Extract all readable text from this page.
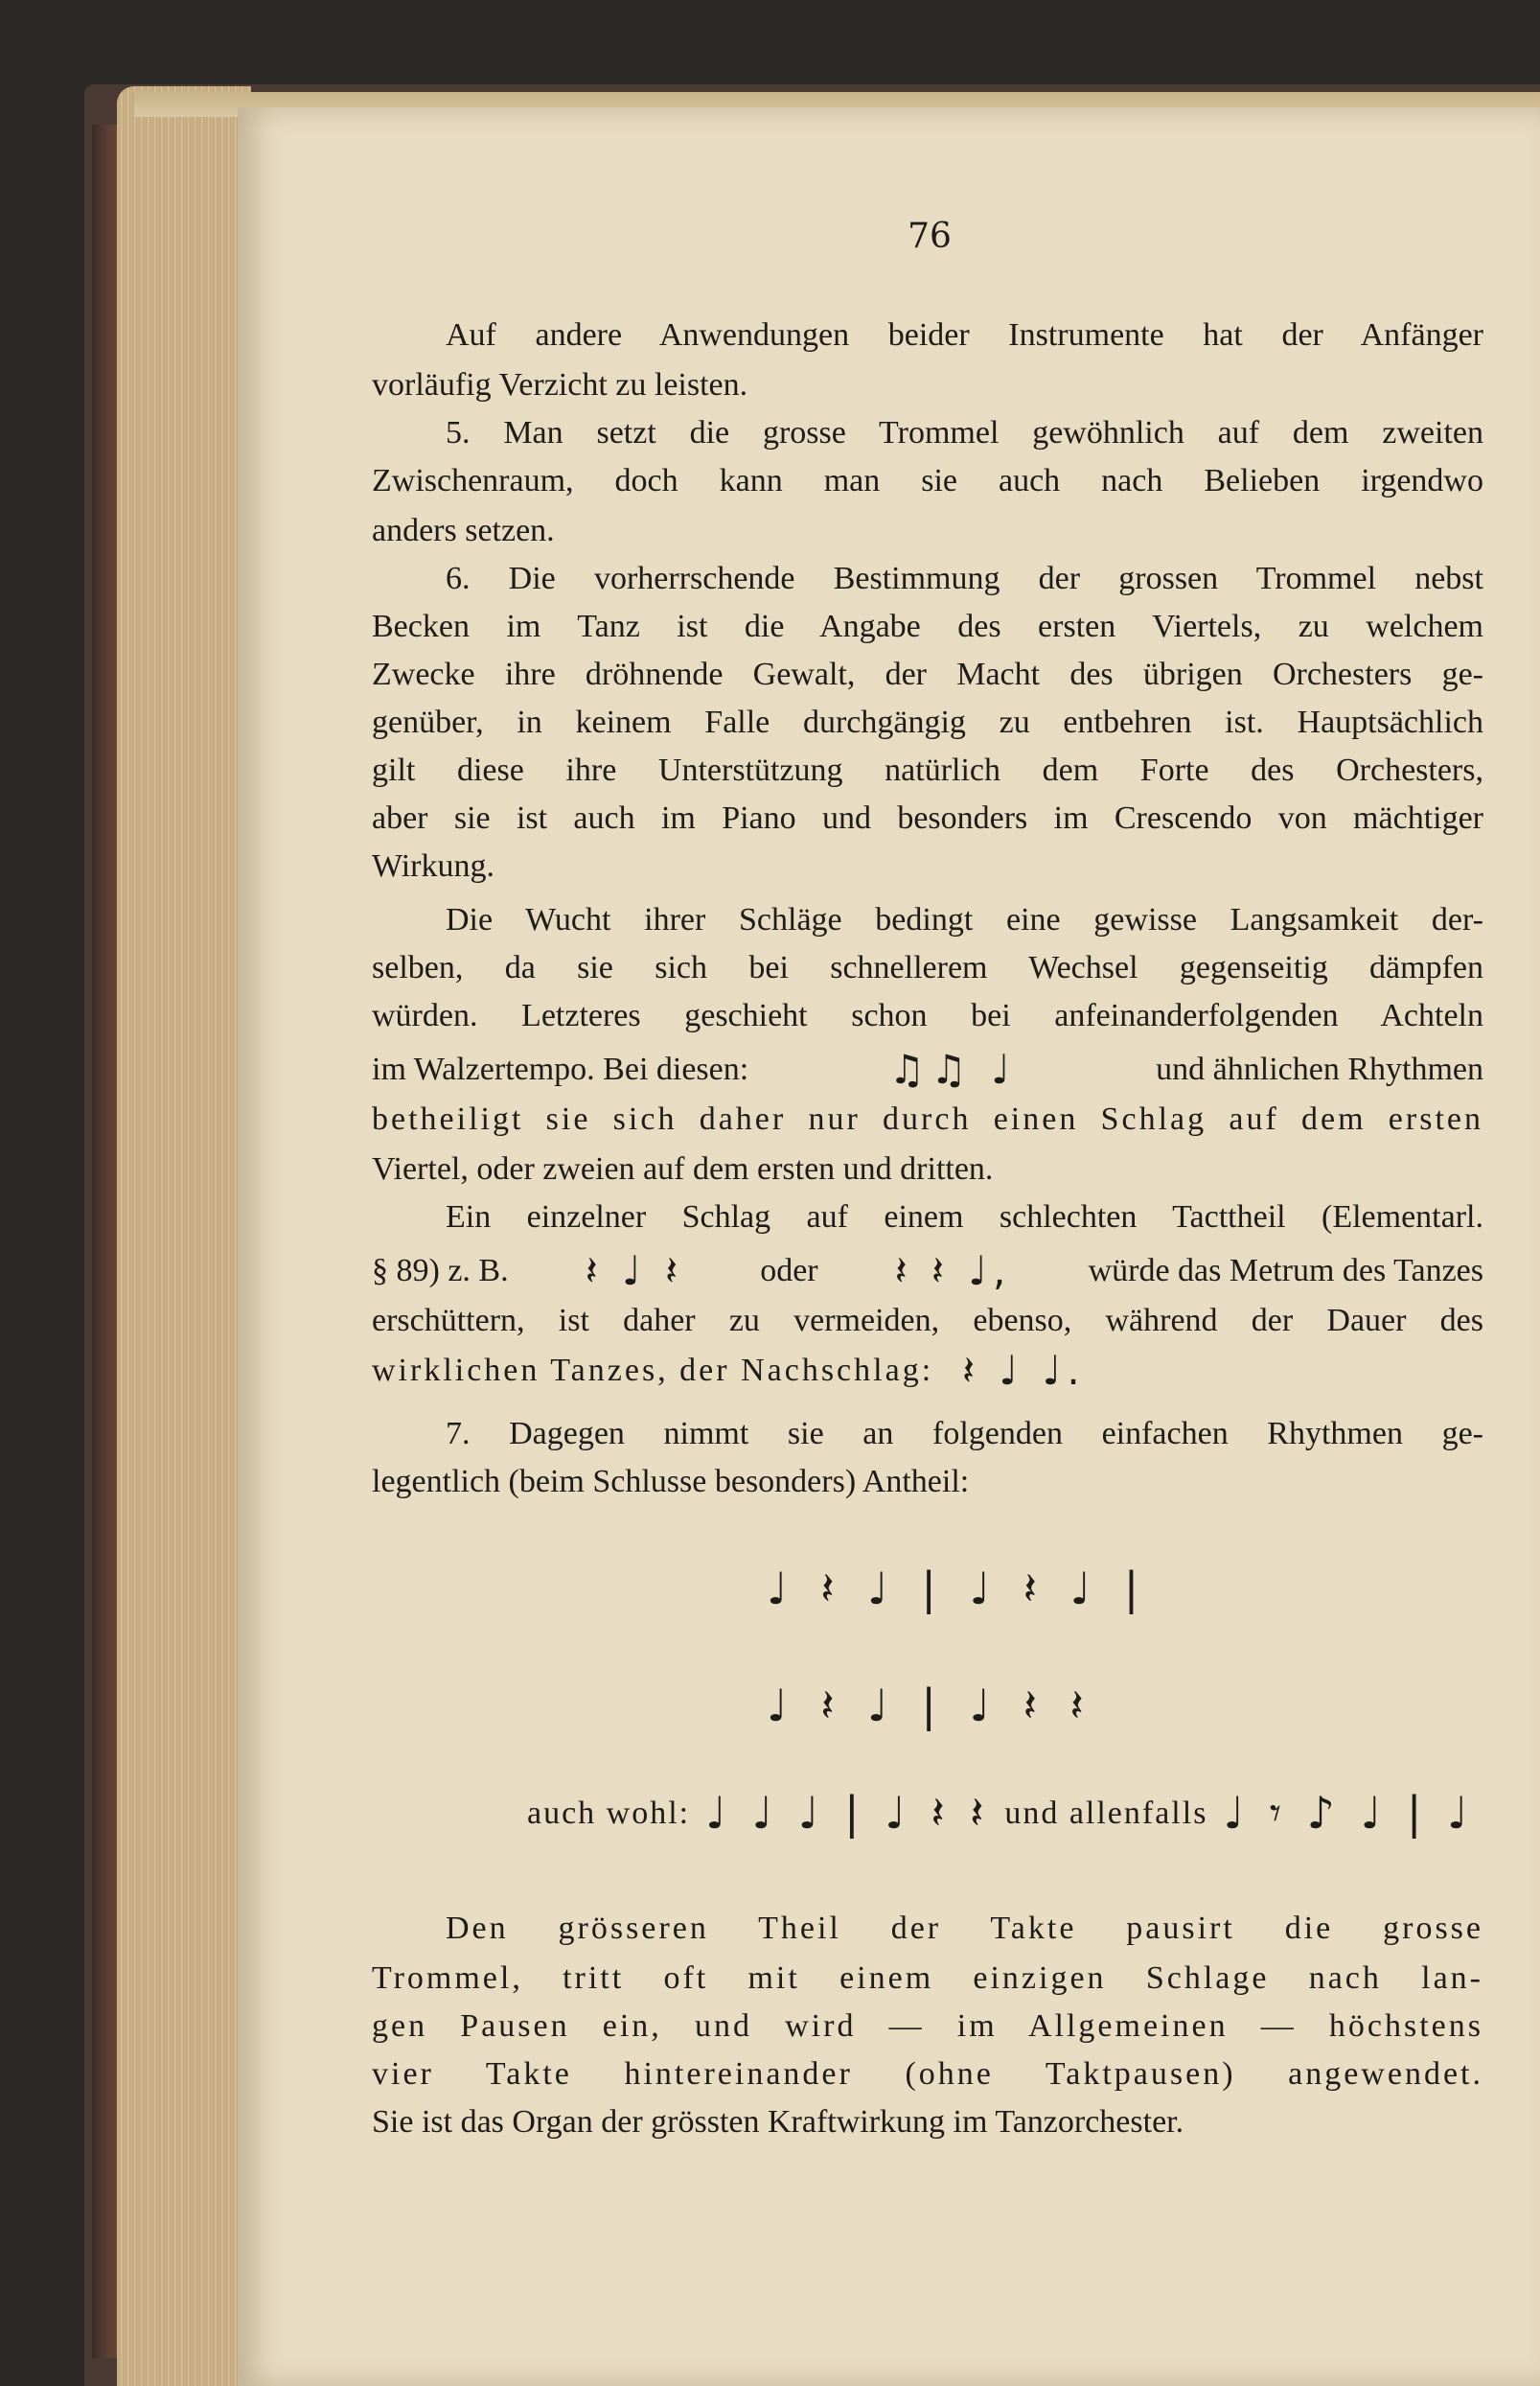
76
Auf andere Anwendungen beider Instrumente hat der Anfänger
vorläufig Verzicht zu leisten.
5. Man setzt die grosse Trommel gewöhnlich auf dem zweiten
Zwischenraum, doch kann man sie auch nach Belieben irgendwo
anders setzen.
6. Die vorherrschende Bestimmung der grossen Trommel nebst
Becken im Tanz ist die Angabe des ersten Viertels, zu welchem
Zwecke ihre dröhnende Gewalt, der Macht des übrigen Orchesters ge-
genüber, in keinem Falle durchgängig zu entbehren ist. Hauptsächlich
gilt diese ihre Unterstützung natürlich dem Forte des Orchesters,
aber sie ist auch im Piano und besonders im Crescendo von mächtiger
Wirkung.
Die Wucht ihrer Schläge bedingt eine gewisse Langsamkeit der-
selben, da sie sich bei schnellerem Wechsel gegenseitig dämpfen
würden. Letzteres geschieht schon bei anfeinanderfolgenden Achteln
im Walzertempo. Bei diesen:	♫♫ ♩	und ähnlichen Rhythmen
betheiligt sie sich daher nur durch einen Schlag auf dem ersten
Viertel, oder zweien auf dem ersten und dritten.
Ein einzelner Schlag auf einem schlechten Tacttheil (Elementarl.
§ 89) z. B. 𝄽 ♩ 𝄽 oder 𝄽 𝄽 ♩, würde das Metrum des Tanzes
erschüttern, ist daher zu vermeiden, ebenso, während der Dauer des
wirklichen Tanzes, der Nachschlag: 𝄽 ♩ ♩.
7. Dagegen nimmt sie an folgenden einfachen Rhythmen ge-
legentlich (beim Schlusse besonders) Antheil:
♩ 𝄽 ♩ | ♩ 𝄽 ♩ |
♩ 𝄽 ♩ | ♩ 𝄽 𝄽
auch wohl: ♩ ♩ ♩ | ♩ 𝄽 𝄽 und allenfalls ♩ 𝄾 ♪ ♩ | ♩
Den grösseren Theil der Takte pausirt die grosse
Trommel, tritt oft mit einem einzigen Schlage nach lan-
gen Pausen ein, und wird — im Allgemeinen — höchstens
vier Takte hintereinander (ohne Taktpausen) angewendet.
Sie ist das Organ der grössten Kraftwirkung im Tanzorchester.
